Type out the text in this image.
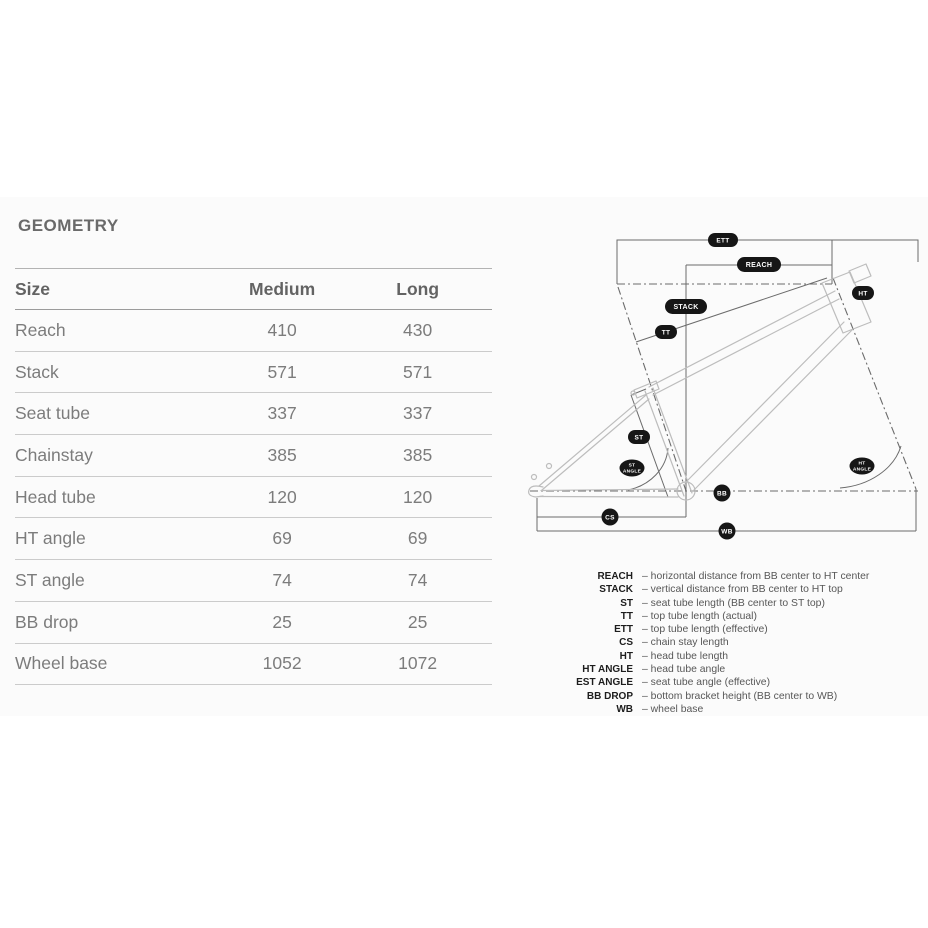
GEOMETRY
Size	Medium	Long
Reach	410	430
Stack	571	571
Seat tube	337	337
Chainstay	385	385
Head tube	120	120
HT angle	69	69
ST angle	74	74
BB drop	25	25
Wheel base	1052	1072
ETT
REACH
STACK
TT
HT
ST
ST
ANGLE
BB
CS
WB
HT
ANGLE
REACH – horizontal distance from BB center to HT center
STACK – vertical distance from BB center to HT top
ST – seat tube length (BB center to ST top)
TT – top tube length (actual)
ETT – top tube length (effective)
CS – chain stay length
HT – head tube length
HT ANGLE – head tube angle
EST ANGLE – seat tube angle (effective)
BB DROP – bottom bracket height (BB center to WB)
WB – wheel base
